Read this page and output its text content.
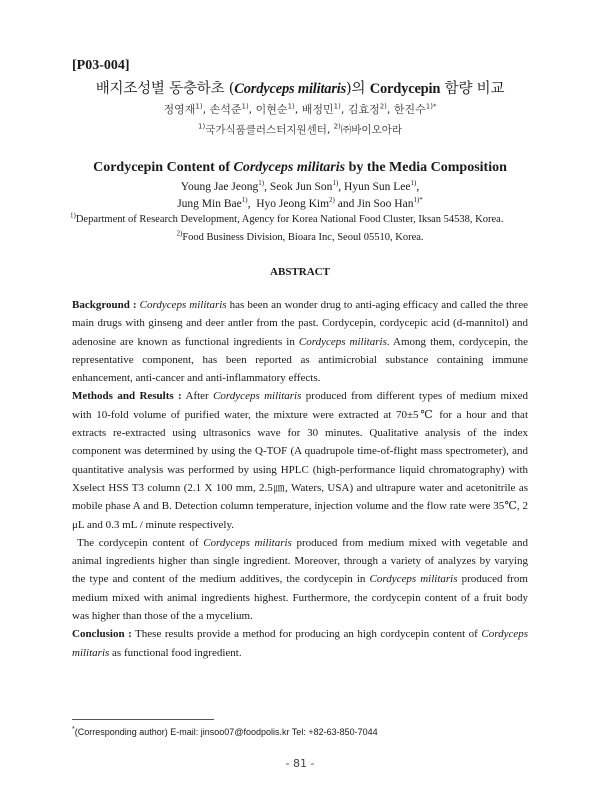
[P03-004]
배지조성별 동충하초 (Cordyceps militaris)의 Cordycepin 함량 비교
정영재$^{1)}$, 손석준$^{1)}$, 이현순$^{1)}$, 배정민$^{1)}$, 김효정$^{2)}$, 한진수$^{1)*}$
$^{1)}$국가식품클러스터지원센터, $^{2)}$㈜바이오아라
Cordycepin Content of Cordyceps militaris by the Media Composition
Young Jae Jeong$^{1)}$, Seok Jun Son$^{1)}$, Hyun Sun Lee$^{1)}$,
Jung Min Bae$^{1)}$,  Hyo Jeong Kim$^{2)}$ and Jin Soo Han$^{1)*}$
$^{1)}$Department of Research Development, Agency for Korea National Food Cluster, Iksan 54538, Korea.
$^{2)}$Food Business Division, Bioara Inc, Seoul 05510, Korea.
ABSTRACT

Background : Cordyceps militaris has been an wonder drug to anti-aging efficacy and called the three main drugs with ginseng and deer antler from the past. Cordycepin, cordycepic acid (d-mannitol) and adenosine are known as functional ingredients in Cordyceps militaris. Among them, cordycepin, the representative component, has been reported as antimicrobial substance containing immune enhancement, anti-cancer and anti-inflammatory effects.

Methods and Results : After Cordyceps militaris produced from different types of medium mixed with 10-fold volume of purified water, the mixture were extracted at 70±5℃ for a hour and that extracts re-extracted using ultrasonics wave for 30 minutes. Qualitative analysis of the index component was determined by using the Q-TOF (A quadrupole time-of-flight mass spectrometer), and quantitative analysis was performed by using HPLC (high-performance liquid chromatography) with Xselect HSS T3 column (2.1 X 100 mm, 2.5㎛, Waters, USA) and ultrapure water and acetonitrile as mobile phase A and B. Detection column temperature, injection volume and the flow rate were 35℃, 2 μL and 0.3 mL / minute respectively.

The cordycepin content of Cordyceps militaris produced from medium mixed with vegetable and animal ingredients higher than single ingredient. Moreover, through a variety of analyzes by varying the type and content of the medium additives, the cordycepin in Cordyceps militaris produced from medium mixed with animal ingredients highest. Furthermore, the cordycepin content of a fruit body was higher than those of the a mycelium.

Conclusion : These results provide a method for producing an high cordycepin content of Cordyceps militaris as functional food ingredient.

*(Corresponding author) E-mail: jinsoo07@foodpolis.kr Tel: +82-63-850-7044
- 81 -
